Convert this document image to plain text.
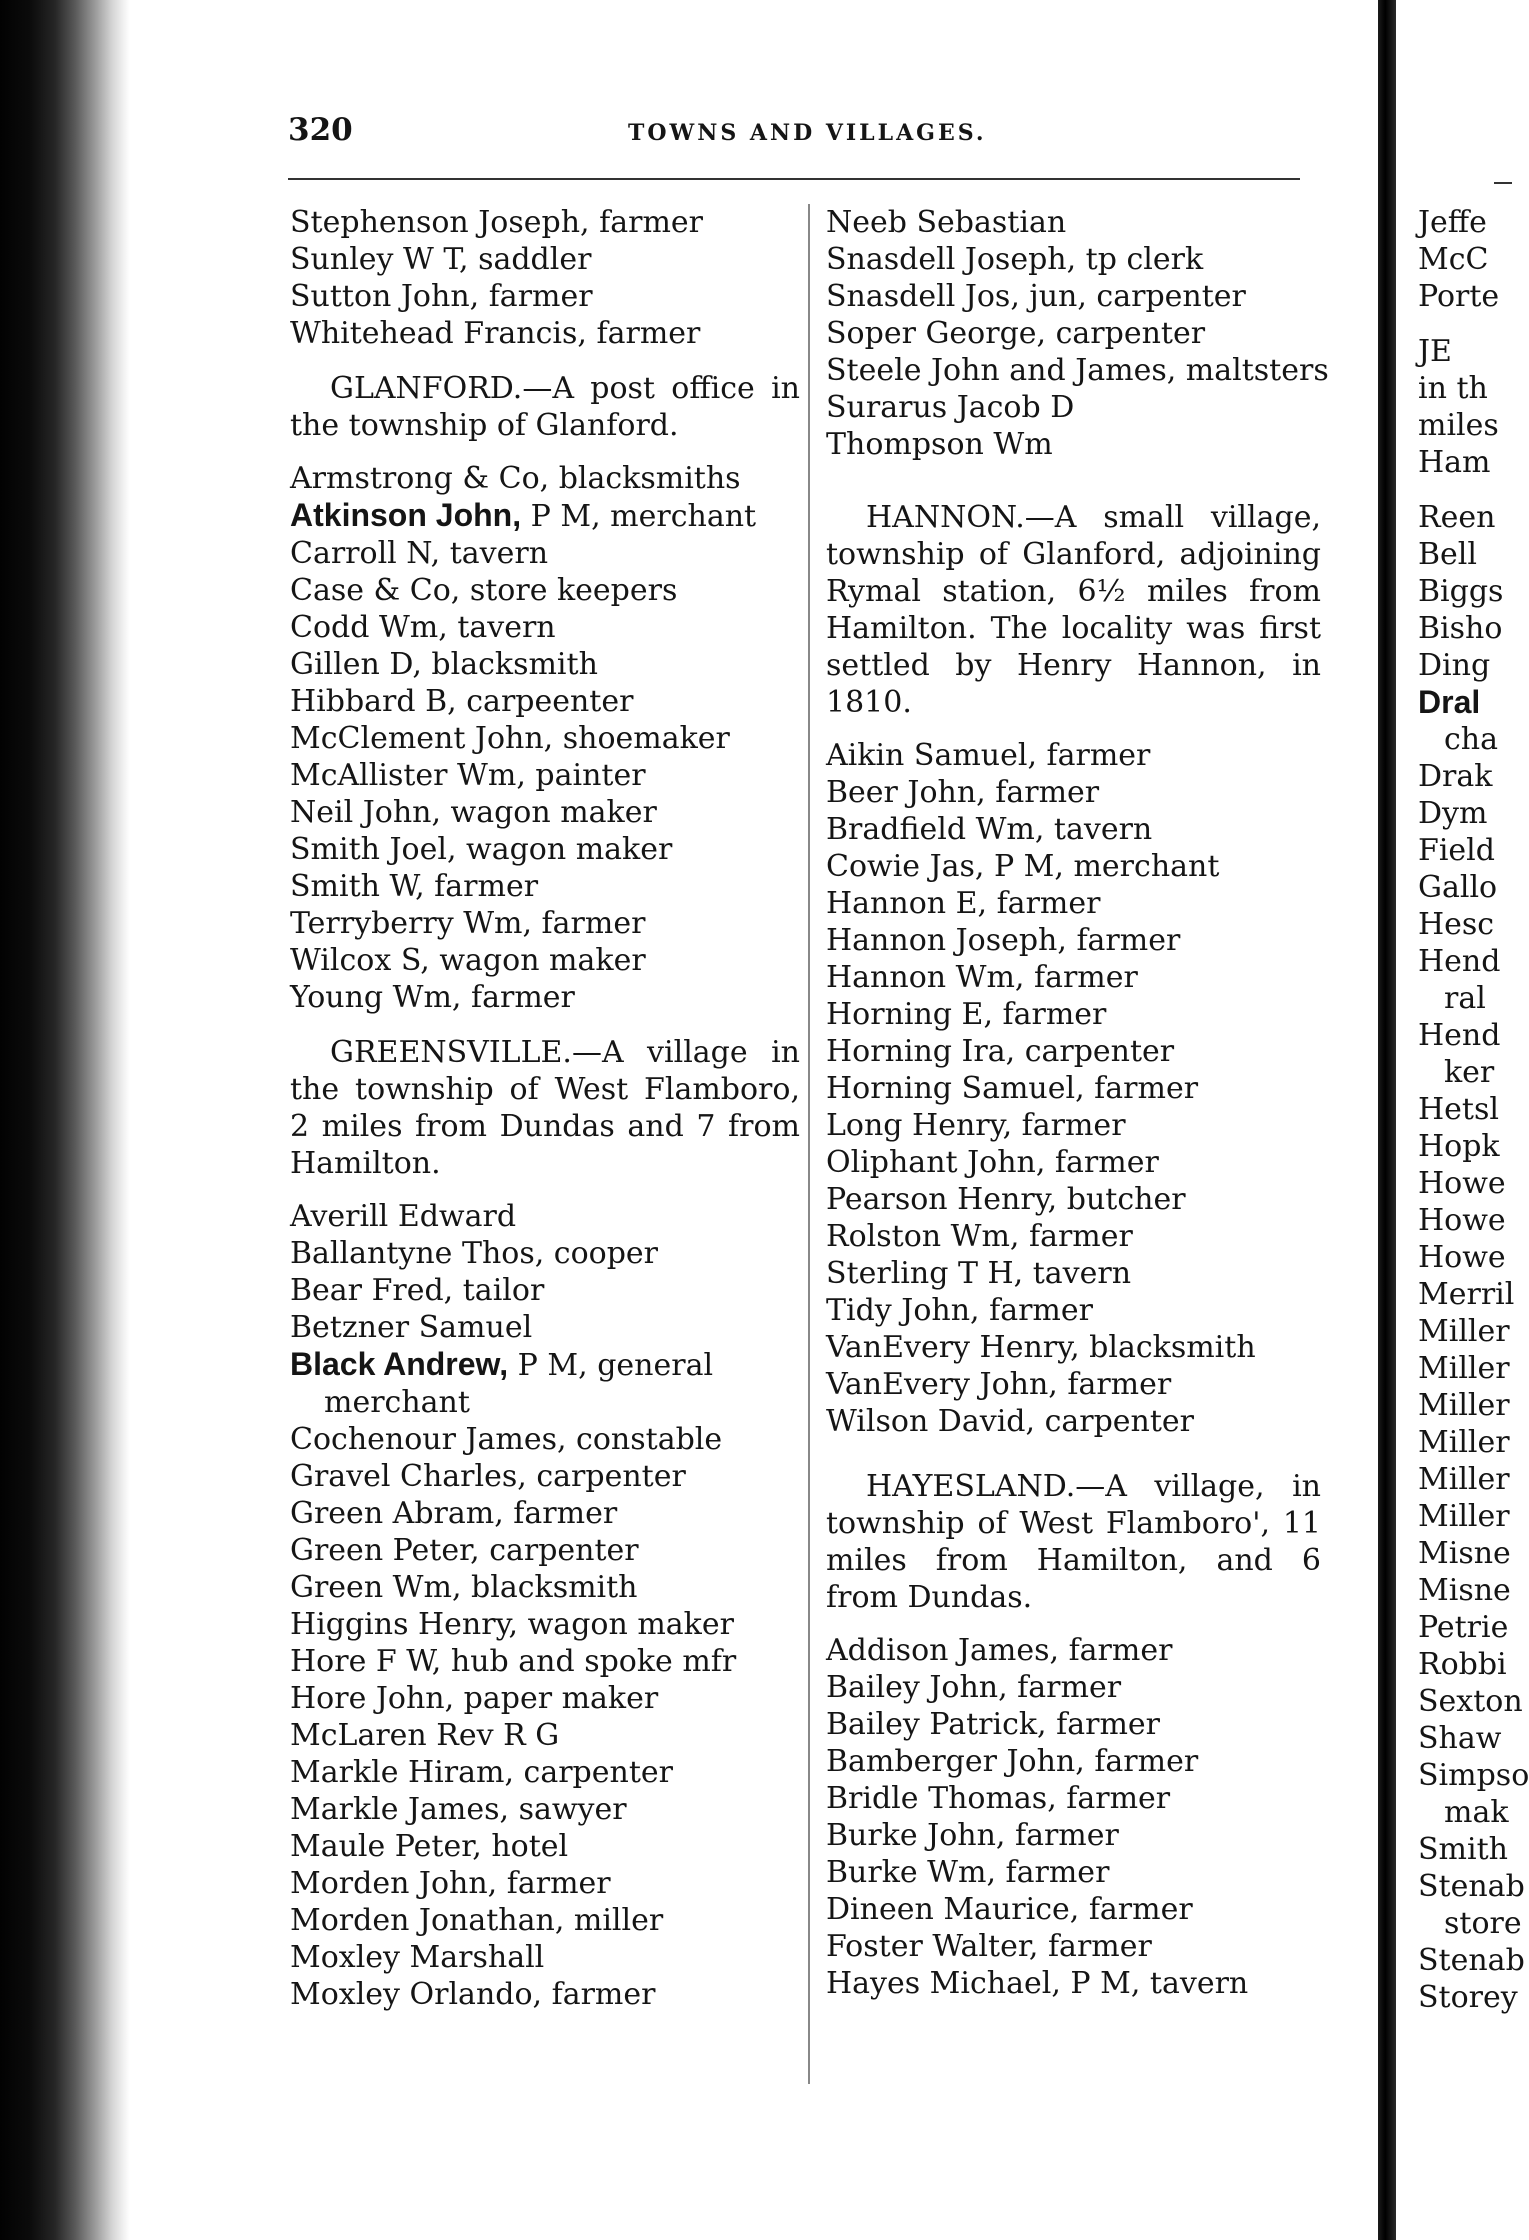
320	TOWNS AND VILLAGES.
Stephenson Joseph, farmer
Sunley W T, saddler
Sutton John, farmer
Whitehead Francis, farmer
GLANFORD.—A post office in the township of Glanford.
Armstrong & Co, blacksmiths
Atkinson John, P M, merchant
Carroll N, tavern
Case & Co, store keepers
Codd Wm, tavern
Gillen D, blacksmith
Hibbard B, carpeenter
McClement John, shoemaker
McAllister Wm, painter
Neil John, wagon maker
Smith Joel, wagon maker
Smith W, farmer
Terryberry Wm, farmer
Wilcox S, wagon maker
Young Wm, farmer
GREENSVILLE.—A village in the township of West Flamboro, 2 miles from Dundas and 7 from Hamilton.
Averill Edward
Ballantyne Thos, cooper
Bear Fred, tailor
Betzner Samuel
Black Andrew, P M, general merchant
Cochenour James, constable
Gravel Charles, carpenter
Green Abram, farmer
Green Peter, carpenter
Green Wm, blacksmith
Higgins Henry, wagon maker
Hore F W, hub and spoke mfr
Hore John, paper maker
McLaren Rev R G
Markle Hiram, carpenter
Markle James, sawyer
Maule Peter, hotel
Morden John, farmer
Morden Jonathan, miller
Moxley Marshall
Moxley Orlando, farmer
Neeb Sebastian
Snasdell Joseph, tp clerk
Snasdell Jos, jun, carpenter
Soper George, carpenter
Steele John and James, maltsters
Surarus Jacob D
Thompson Wm
HANNON.—A small village, township of Glanford, adjoining Rymal station, 6½ miles from Hamilton. The locality was first settled by Henry Hannon, in 1810.
Aikin Samuel, farmer
Beer John, farmer
Bradfield Wm, tavern
Cowie Jas, P M, merchant
Hannon E, farmer
Hannon Joseph, farmer
Hannon Wm, farmer
Horning E, farmer
Horning Ira, carpenter
Horning Samuel, farmer
Long Henry, farmer
Oliphant John, farmer
Pearson Henry, butcher
Rolston Wm, farmer
Sterling T H, tavern
Tidy John, farmer
VanEvery Henry, blacksmith
VanEvery John, farmer
Wilson David, carpenter
HAYESLAND.—A village, in township of West Flamboro', 11 miles from Hamilton, and 6 from Dundas.
Addison James, farmer
Bailey John, farmer
Bailey Patrick, farmer
Bamberger John, farmer
Bridle Thomas, farmer
Burke John, farmer
Burke Wm, farmer
Dineen Maurice, farmer
Foster Walter, farmer
Hayes Michael, P M, tavern
Jeffe
McC
Porte
JE
in th
miles
Ham
Reen
Bell
Biggs
Bisho
Ding
Dral
cha
Drak
Dym
Field
Gallo
Hesc
Hend
ral
Hend
ker
Hetsl
Hopk
Howe
Howe
Howe
Merril
Miller
Miller
Miller
Miller
Miller
Miller
Misne
Misne
Petrie
Robbi
Sexton
Shaw
Simpso
mak
Smith
Stenab
store
Stenab
Storey
